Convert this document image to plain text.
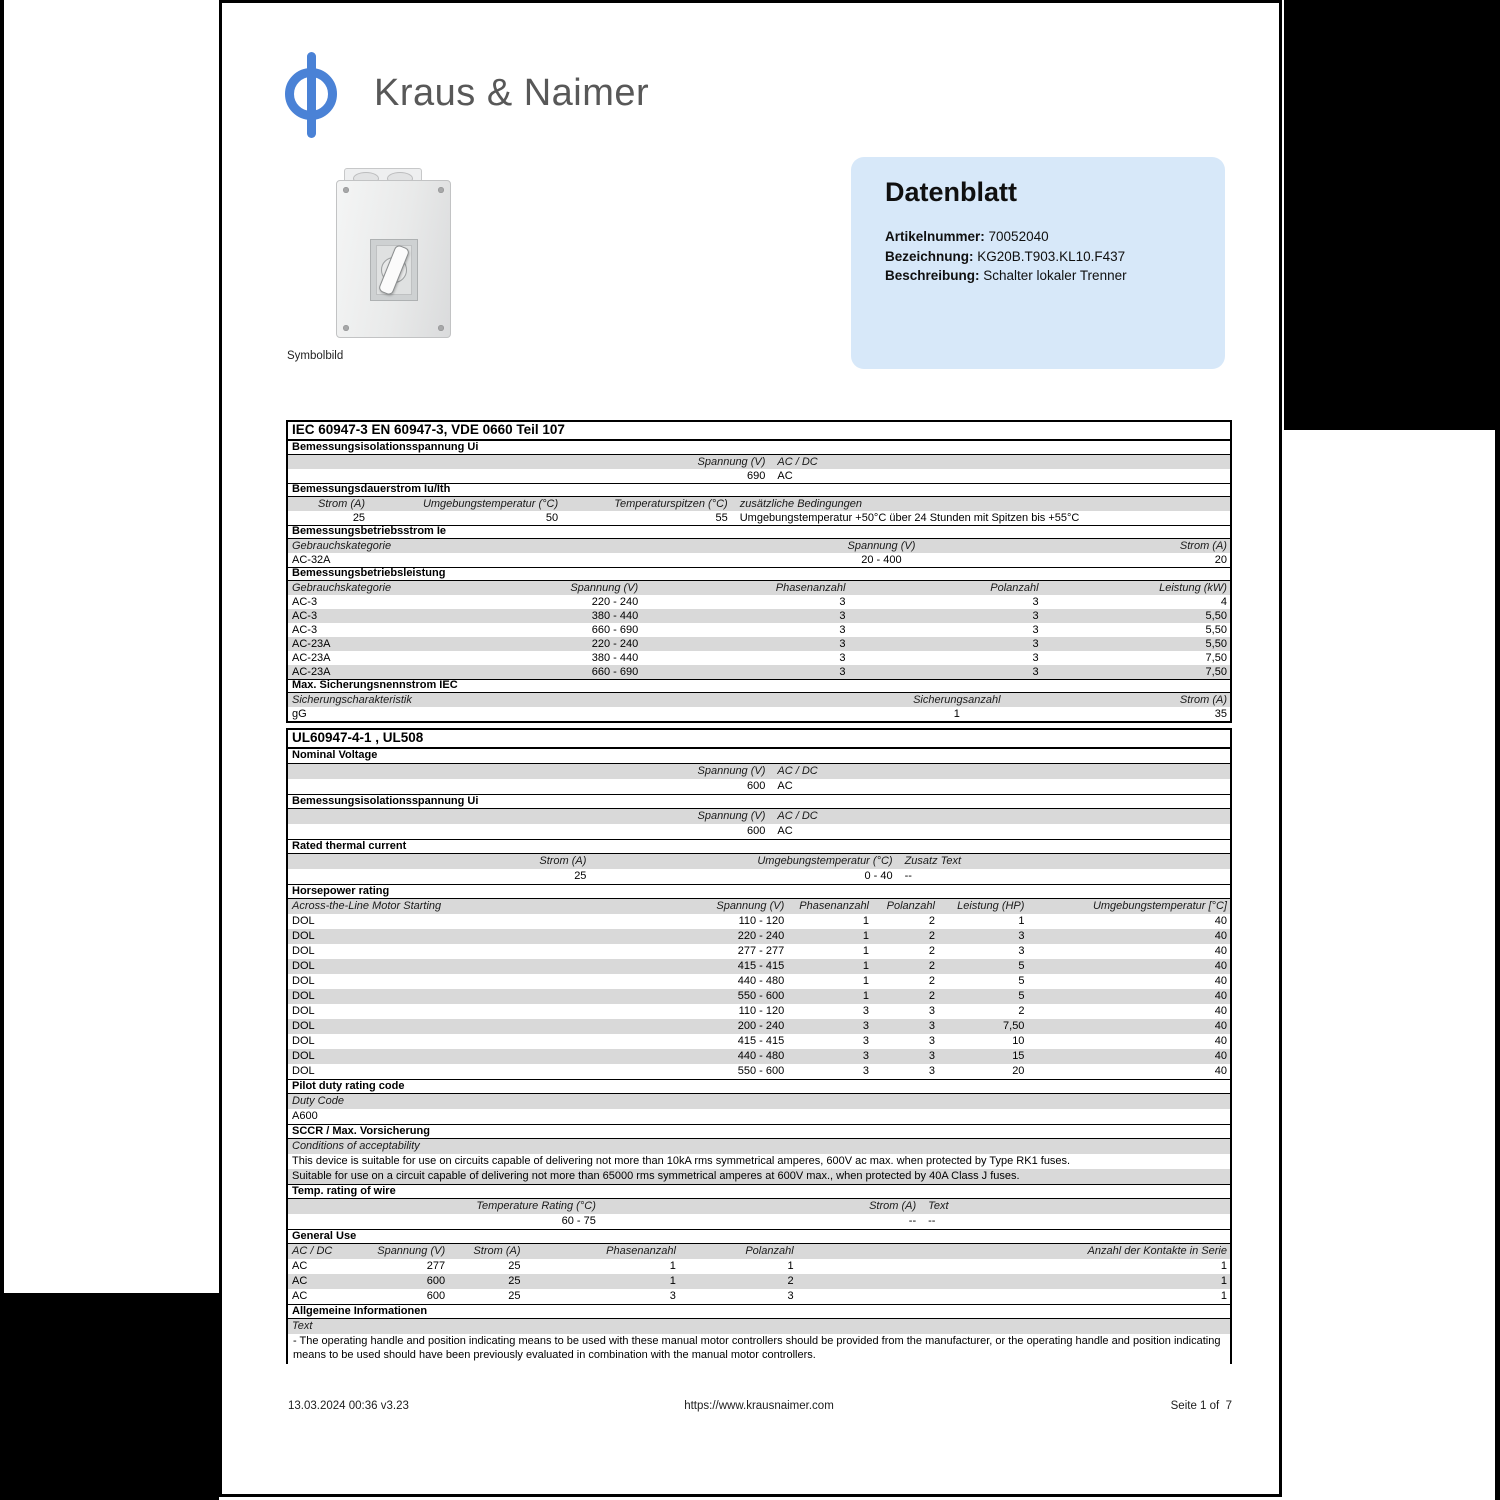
Kraus & Naimer
Symbolbild
Datenblatt
Artikelnummer: 70052040
Bezeichnung: KG20B.T903.KL10.F437
Beschreibung: Schalter lokaler Trenner
IEC 60947-3 EN 60947-3, VDE 0660 Teil 107
Bemessungsisolationsspannung Ui
Spannung (V)	AC / DC
690	AC
Bemessungsdauerstrom Iu/Ith
Strom (A)	Umgebungstemperatur (°C)	Temperaturspitzen (°C)	zusätzliche Bedingungen
25	50	55	Umgebungstemperatur +50°C über 24 Stunden mit Spitzen bis +55°C
Bemessungsbetriebsstrom Ie
Gebrauchskategorie	Spannung (V)	Strom (A)
AC-32A	20 - 400	20
Bemessungsbetriebsleistung
Gebrauchskategorie	Spannung (V)	Phasenanzahl	Polanzahl	Leistung (kW)
AC-3	220 - 240	3	3	4
AC-3	380 - 440	3	3	5,50
AC-3	660 - 690	3	3	5,50
AC-23A	220 - 240	3	3	5,50
AC-23A	380 - 440	3	3	7,50
AC-23A	660 - 690	3	3	7,50
Max. Sicherungsnennstrom IEC
Sicherungscharakteristik	Sicherungsanzahl	Strom (A)
gG	1	35
UL60947-4-1 , UL508
Nominal Voltage
Spannung (V)	AC / DC
600	AC
Bemessungsisolationsspannung Ui
Spannung (V)	AC / DC
600	AC
Rated thermal current
Strom (A)	Umgebungstemperatur (°C)	Zusatz Text
25	0 - 40	--
Horsepower rating
Across-the-Line Motor Starting	Spannung (V)	Phasenanzahl	Polanzahl	Leistung (HP)	Umgebungstemperatur [°C]
DOL	110 - 120	1	2	1	40
DOL	220 - 240	1	2	3	40
DOL	277 - 277	1	2	3	40
DOL	415 - 415	1	2	5	40
DOL	440 - 480	1	2	5	40
DOL	550 - 600	1	2	5	40
DOL	110 - 120	3	3	2	40
DOL	200 - 240	3	3	7,50	40
DOL	415 - 415	3	3	10	40
DOL	440 - 480	3	3	15	40
DOL	550 - 600	3	3	20	40
Pilot duty rating code
Duty Code
A600
SCCR / Max. Vorsicherung
Conditions of acceptability
This device is suitable for use on circuits capable of delivering not more than 10kA rms symmetrical amperes, 600V ac max. when protected by Type RK1 fuses.
Suitable for use on a circuit capable of delivering not more than 65000 rms symmetrical amperes at 600V max., when protected by 40A Class J fuses.
Temp. rating of wire
Temperature Rating (°C)	Strom (A)	Text
60 - 75	--	--
General Use
AC / DC	Spannung (V)	Strom (A)	Phasenanzahl	Polanzahl	Anzahl der Kontakte in Serie
AC	277	25	1	1	1
AC	600	25	1	2	1
AC	600	25	3	3	1
Allgemeine Informationen
Text
- The operating handle and position indicating means to be used with these manual motor controllers should be provided from the manufacturer, or the operating handle and position indicating means to be used should have been previously evaluated in combination with the manual motor controllers.
13.03.2024 00:36 v3.23	https://www.krausnaimer.com	Seite 1 of  7
